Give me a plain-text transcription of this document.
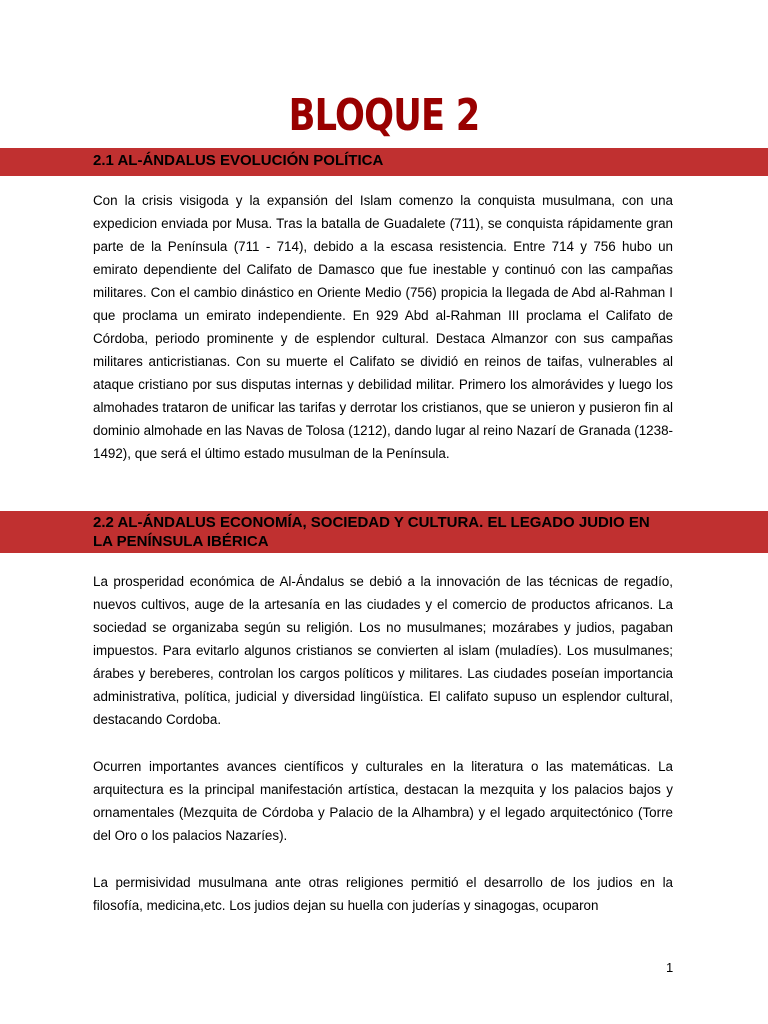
BLOQUE 2
2.1 AL-ÁNDALUS EVOLUCIÓN POLÍTICA

Con la crisis visigoda y la expansión del Islam comenzo la conquista musulmana, con una expedicion enviada por Musa. Tras la batalla de Guadalete (711), se conquista rápidamente gran parte de la Península (711 - 714), debido a la escasa resistencia. Entre 714 y 756 hubo un emirato dependiente del Califato de Damasco que fue inestable y continuó con las campañas militares. Con el cambio dinástico en Oriente Medio (756) propicia la llegada de Abd al-Rahman I que proclama un emirato independiente. En 929 Abd al-Rahman III proclama el Califato de Córdoba, periodo prominente y de esplendor cultural. Destaca Almanzor con sus campañas militares anticristianas. Con su muerte el Califato se dividió en reinos de taifas, vulnerables al ataque cristiano por sus disputas internas y debilidad militar. Primero los almorávides y luego los almohades trataron de unificar las tarifas y derrotar los cristianos, que se unieron y pusieron fin al dominio almohade en las Navas de Tolosa (1212), dando lugar al reino Nazarí de Granada (1238-1492), que será el último estado musulman de la Península.

2.2 AL-ÁNDALUS ECONOMÍA, SOCIEDAD Y CULTURA. EL LEGADO JUDIO EN LA PENÍNSULA IBÉRICA

La prosperidad económica de Al-Ándalus se debió a la innovación de las técnicas de regadío, nuevos cultivos, auge de la artesanía en las ciudades y el comercio de productos africanos. La sociedad se organizaba según su religión. Los no musulmanes; mozárabes y judios, pagaban impuestos. Para evitarlo algunos cristianos se convierten al islam (muladíes). Los musulmanes; árabes y bereberes, controlan los cargos políticos y militares. Las ciudades poseían importancia administrativa, política, judicial y diversidad lingüística. El califato supuso un esplendor cultural, destacando Cordoba.

Ocurren importantes avances científicos y culturales en la literatura o las matemáticas. La arquitectura es la principal manifestación artística, destacan la mezquita y los palacios bajos y ornamentales (Mezquita de Córdoba y Palacio de la Alhambra) y el legado arquitectónico (Torre del Oro o los palacios Nazaríes).

La permisividad musulmana ante otras religiones permitió el desarrollo de los judios en la filosofía, medicina,etc. Los judios dejan su huella con juderías y sinagogas, ocuparon

1
